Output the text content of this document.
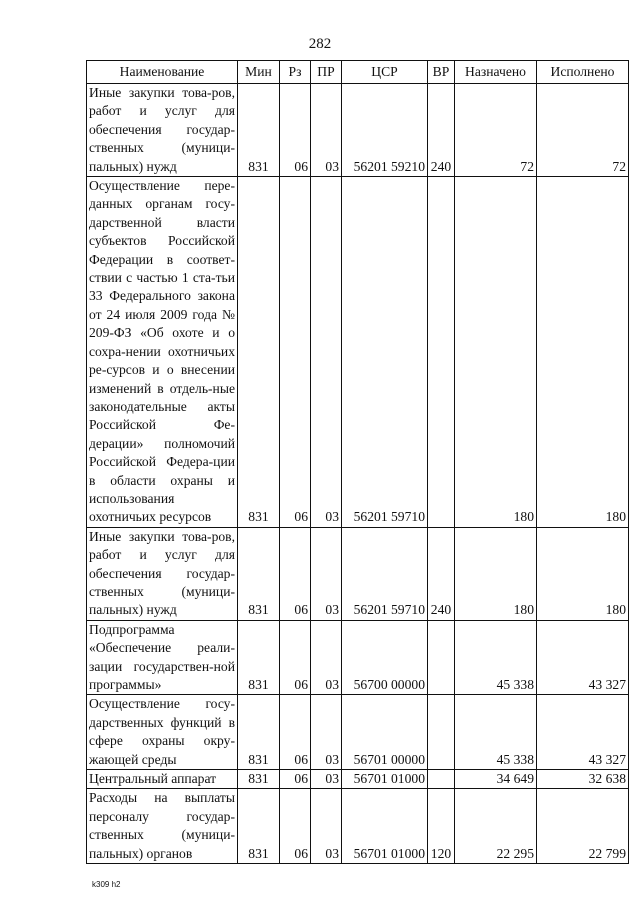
282
Наименование	Мин	Рз	ПР	ЦСР	ВР	Назначено	Исполнено
Иные закупки това-ров, работ и услуг для обеспечения государ-ственных (муници-пальных) нужд	831	06	03	56201 59210	240	72	72
Осуществление пере-данных органам госу-дарственной власти субъектов Российской Федерации в соответ-ствии с частью 1 ста-тьи 33 Федерального закона от 24 июля 2009 года № 209-ФЗ «Об охоте и о сохра-нении охотничьих ре-сурсов и о внесении изменений в отдель-ные законодательные акты Российской Фе-дерации» полномочий Российской Федера-ции в области охраны и использования охотничьих ресурсов	831	06	03	56201 59710		180	180
Иные закупки това-ров, работ и услуг для обеспечения государ-ственных (муници-пальных) нужд	831	06	03	56201 59710	240	180	180
Подпрограмма «Обеспечение реали-зации государствен-ной программы»	831	06	03	56700 00000		45 338	43 327
Осуществление госу-дарственных функций в сфере охраны окру-жающей среды	831	06	03	56701 00000		45 338	43 327
Центральный аппарат	831	06	03	56701 01000		34 649	32 638
Расходы на выплаты персоналу государ-ственных (муници-пальных) органов	831	06	03	56701 01000	120	22 295	22 799
k309 h2
